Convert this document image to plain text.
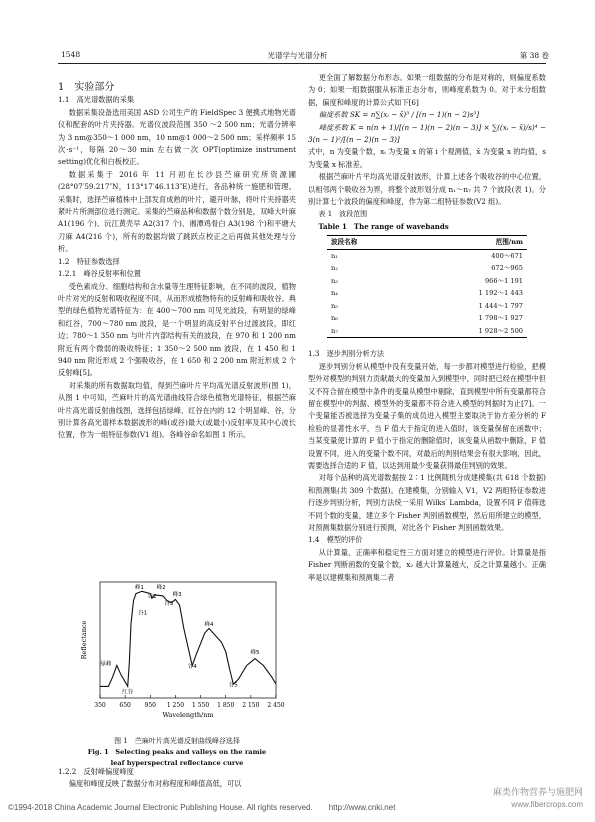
1548	光谱学与光谱分析	第 38 卷

1　实验部分

1.1　高光谱数据的采集

数据采集设备选用美国 ASD 公司生产的 FieldSpec 3 便携式地物光谱仪和配套的叶片夹持器。光谱仪波段范围 350 ～2 500 nm；光谱分辨率为 3 nm@350～1 000 nm，10 nm@1 000～2 500 nm；采样频率 15 次·s⁻¹，每隔 20～30 min 左右做一次 OPT(optimize instrument setting)优化和白板校正。

数据采集于 2016 年 11 月初在长沙县苎麻研究所资源圃(28°07′59.217″N，113°17′46.113″E)进行，各品种统一施肥和管理。采集时，选择苎麻植株中上部发育成熟的叶片，避开叶脉，将叶片夹持器夹紧叶片所测部位进行测定。采集的苎麻品种和数据个数分别是，双峰大叶麻 A1(196 个)、沅江黄壳早 A2(317 个)、湘潭鸡骨白 A3(198 个)和平塘大刀麻 A4(216 个)，所有的数据均做了跳跃点校正之后再做其他处理与分析。

1.2　特征参数选择

1.2.1　峰谷反射率和位置

受色素成分、细胞结构和含水量等生理特征影响，在不同的波段，植物叶片对光的反射和吸收程度不同，从而形成植物特有的反射峰和吸收谷。典型的绿色植物光谱特征为：在 400～700 nm 可见光波段，有明显的绿峰和红谷，700～780 nm 波段，是一个明显的高反射平台过渡波段，即红边；780～1 350 nm 与叶片内部结构有关的波段，在 970 和 1 200 nm 附近有两个微弱的吸收特征；1 350～2 500 nm 波段，在 1 450 和 1 940 nm 附近形成 2 个强吸收谷，在 1 650 和 2 200 nm 附近形成 2 个反射峰[5]。

对采集的所有数据取均值，得到苎麻叶片平均高光谱反射波形(图 1)，从图 1 中可知，苎麻叶片的高光谱曲线符合绿色植物光谱特征，根据苎麻叶片高光谱反射曲线图，选择包括绿峰、红谷在内的 12 个明显峰、谷，分别计算各高光谱样本数据波形的峰(或谷)最大(或最小)反射率及其中心波长位置，作为一组特征参数(V1 组)。各峰谷命名如图 1 所示。

350 650 950 1 250 1 550 1 850 2 150 2 450
Wavelength/nm
Reflectance
峰1
谷2
峰2
谷3
峰3
峰4
谷4
峰5
谷5
绿峰
红谷
谷1
图 1　苎麻叶片高光谱反射曲线峰谷选择
Fig. 1　Selecting peaks and valleys on the ramie
leaf hyperspectral reflectance curve

1.2.2　反射峰偏度峰度

偏度和峰度反映了数据分布对称程度和峰值高低，可以

更全面了解数据分布形态。如果一组数据的分布是对称的，则偏度系数为 0；如果一组数据服从标准正态分布，则峰度系数为 0。对于未分组数据，偏度和峰度的计算公式如下[6]

偏度系数 SK = n∑(xᵢ − x̄)³ / [(n − 1)(n − 2)s³]

峰度系数 K = n(n + 1)/[(n − 1)(n − 2)(n − 3)] × ∑((xᵢ − x̄)/s)⁴ − 3(n − 1)²/[(n − 2)(n − 3)]

式中，n 为变量个数，xᵢ 为变量 x 的第 i 个观测值，x̄ 为变量 x 的均值，s 为变量 x 标准差。

根据苎麻叶片平均高光谱反射波形，计算上述各个吸收谷的中心位置，以相邻两个吸收谷为界，将整个波形划分成 n₁～n₇ 共 7 个波段(表 1)。分别计算七个波段的偏度和峰度，作为第二组特征参数(V2 组)。

表 1　波段范围

Table 1　The range of wavebands

波段名称	范围/nm
n₁	400～671
n₂	672～965
n₃	966～1 191
n₄	1 192～1 443
n₅	1 444～1 797
n₆	1 798～1 927
n₇	1 928～2 500

1.3　逐步判别分析方法

逐步判别分析从模型中没有变量开始，每一步都对模型进行检验，把模型外对模型的判别力贡献最大的变量加入到模型中，同时把已经在模型中但又不符合留在模型中条件的变量从模型中剔除，直到模型中所有变量都符合留在模型中的判据、模型外的变量都不符合进入模型的判据时为止[7]。一个变量能否被选择为变量子集的成员进入模型主要取决于协方差分析的 F 检验的显著性水平，当 F 值大于指定的进入值时，该变量保留在函数中；当某变量使计算的 F 值小于指定的删除值时，该变量从函数中删除，F 值设置不同，进入的变量个数不同，对最后的判别结果会有很大影响，因此，需要选择合适的 F 值，以达到用最少变量获得最佳判别的效果。

对每个品种的高光谱数据按 2∶1 比例随机分成建模集(共 618 个数据)和预测集(共 309 个数据)。在建模集，分别输入 V1，V2 两组特征参数进行逐步判别分析，判别方法统一采用 Wilks′ Lambda，设置不同 F 值筛选不同个数的变量，建立多个 Fisher 判别函数模型，然后用所建立的模型，对预测集数据分别进行预测，对比各个 Fisher 判别函数效果。

1.4　模型的评价

从计算量、正确率和稳定性三方面对建立的模型进行评价。计算量是指 Fisher 判断函数的变量个数，x₂ 越大计算量越大，反之计算量越小。正确率是以建模集和预测集二者

麻类作物营养与施肥网
www.fibercrops.com
©1994-2018 China Academic Journal Electronic Publishing House. All rights reserved.　　http://www.cnki.net
